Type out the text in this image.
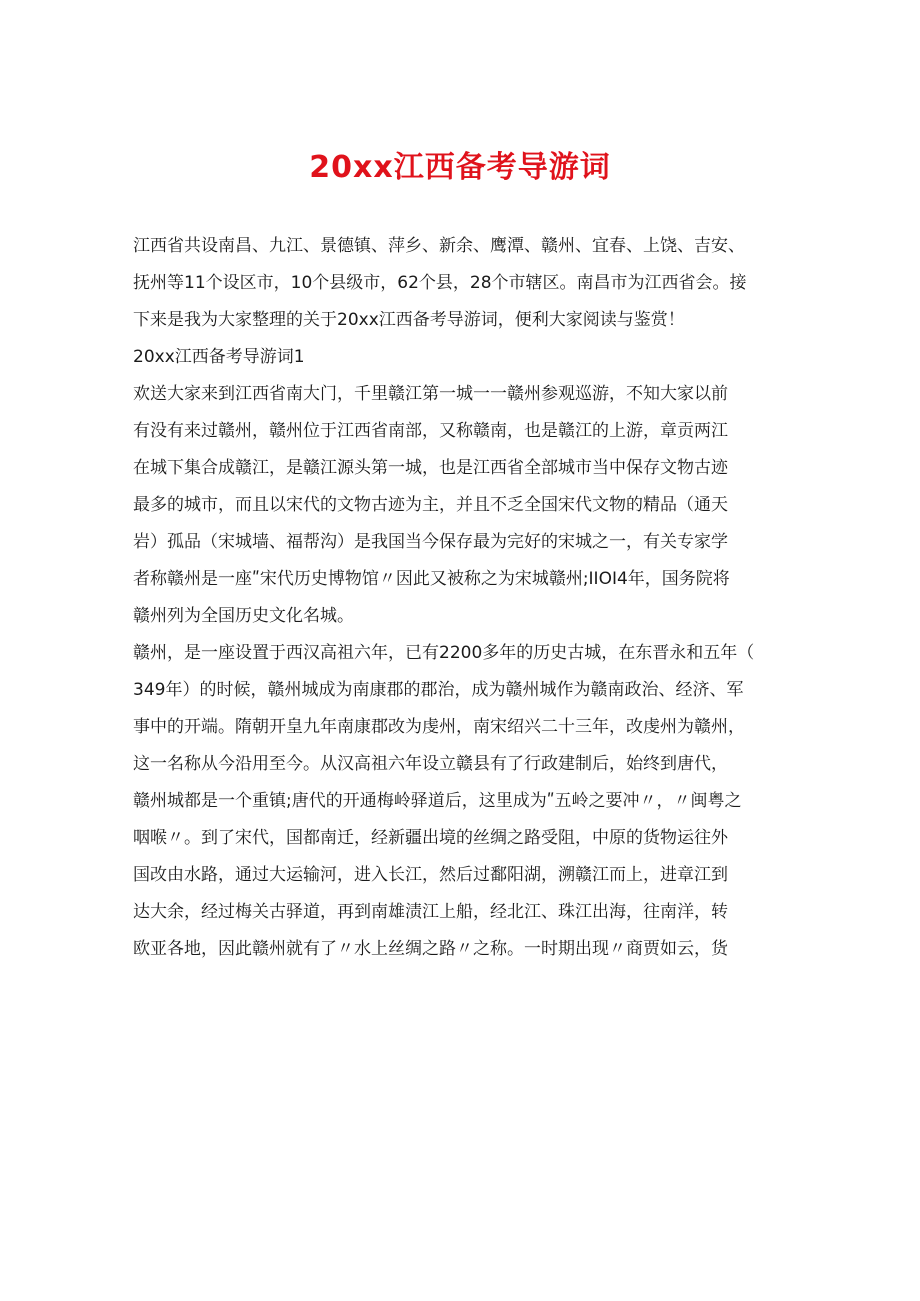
20xx江西备考导游词
江西省共设南昌、九江、景德镇、萍乡、新余、鹰潭、赣州、宜春、上饶、吉安、
抚州等11个设区市，10个县级市，62个县，28个市辖区。南昌市为江西省会。接
下来是我为大家整理的关于20xx江西备考导游词，便利大家阅读与鉴赏！
20xx江西备考导游词1
欢送大家来到江西省南大门，千里赣江第一城一一赣州参观巡游，不知大家以前
有没有来过赣州，赣州位于江西省南部，又称赣南，也是赣江的上游，章贡两江
在城下集合成赣江，是赣江源头第一城，也是江西省全部城市当中保存文物古迹
最多的城市，而且以宋代的文物古迹为主，并且不乏全国宋代文物的精品（通天
岩）孤品（宋城墙、福帮沟）是我国当今保存最为完好的宋城之一，有关专家学
者称赣州是一座ʺ宋代历史博物馆〃因此又被称之为宋城赣州;IIOI4年，国务院将
赣州列为全国历史文化名城。
赣州，是一座设置于西汉高祖六年，已有2200多年的历史古城，在东晋永和五年（
349年）的时候，赣州城成为南康郡的郡治，成为赣州城作为赣南政治、经济、军
事中的开端。隋朝开皇九年南康郡改为虔州，南宋绍兴二十三年，改虔州为赣州，
这一名称从今沿用至今。从汉高祖六年设立赣县有了行政建制后，始终到唐代，
赣州城都是一个重镇;唐代的开通梅岭驿道后，这里成为ʺ五岭之要冲〃，〃闽粤之
咽喉〃。到了宋代，国都南迁，经新疆出境的丝绸之路受阻，中原的货物运往外
国改由水路，通过大运输河，进入长江，然后过鄱阳湖，溯赣江而上，进章江到
达大余，经过梅关古驿道，再到南雄渍江上船，经北江、珠江出海，往南洋，转
欧亚各地，因此赣州就有了〃水上丝绸之路〃之称。一时期出现〃商贾如云，货
